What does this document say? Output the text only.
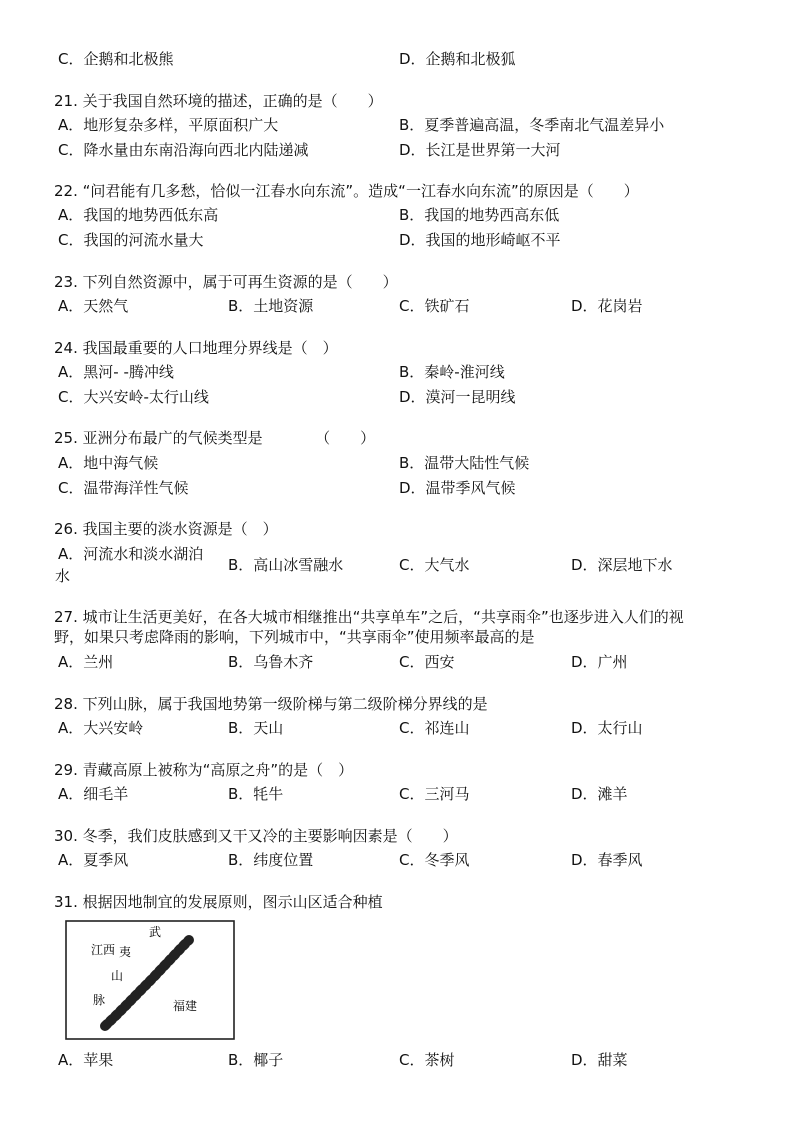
C．企鹅和北极熊	D．企鹅和北极狐
21. 关于我国自然环境的描述，正确的是（　　）
A．地形复杂多样，平原面积广大	B．夏季普遍高温，冬季南北气温差异小
C．降水量由东南沿海向西北内陆递减	D．长江是世界第一大河
22. “问君能有几多愁，恰似一江春水向东流”。造成“一江春水向东流”的原因是（　　）
A．我国的地势西低东高	B．我国的地势西高东低
C．我国的河流水量大	D．我国的地形崎岖不平
23. 下列自然资源中，属于可再生资源的是（　　）
A．天然气	B．土地资源	C．铁矿石	D．花岗岩
24. 我国最重要的人口地理分界线是（　）
A．黑河- -腾冲线	B．秦岭-淮河线
C．大兴安岭-太行山线	D．漠河一昆明线
25. 亚洲分布最广的气候类型是　　　　（　　）
A．地中海气候	B．温带大陆性气候
C．温带海洋性气候	D．温带季风气候
26. 我国主要的淡水资源是（　）
A．河流水和淡水湖泊
水
B．高山冰雪融水	C．大气水	D．深层地下水
27. 城市让生活更美好，在各大城市相继推出“共享单车”之后，“共享雨伞”也逐步进入人们的视
野，如果只考虑降雨的影响，下列城市中，“共享雨伞”使用频率最高的是
A．兰州	B．乌鲁木齐	C．西安	D．广州
28. 下列山脉，属于我国地势第一级阶梯与第二级阶梯分界线的是
A．大兴安岭	B．天山	C．祁连山	D．太行山
29. 青藏高原上被称为“高原之舟”的是（　）
A．细毛羊	B．牦牛	C．三河马	D．滩羊
30. 冬季，我们皮肤感到又干又冷的主要影响因素是（　　）
A．夏季风	B．纬度位置	C．冬季风	D．春季风
31. 根据因地制宜的发展原则，图示山区适合种植
江西
福建
武
夷
山
脉
A．苹果	B．椰子	C．茶树	D．甜菜
